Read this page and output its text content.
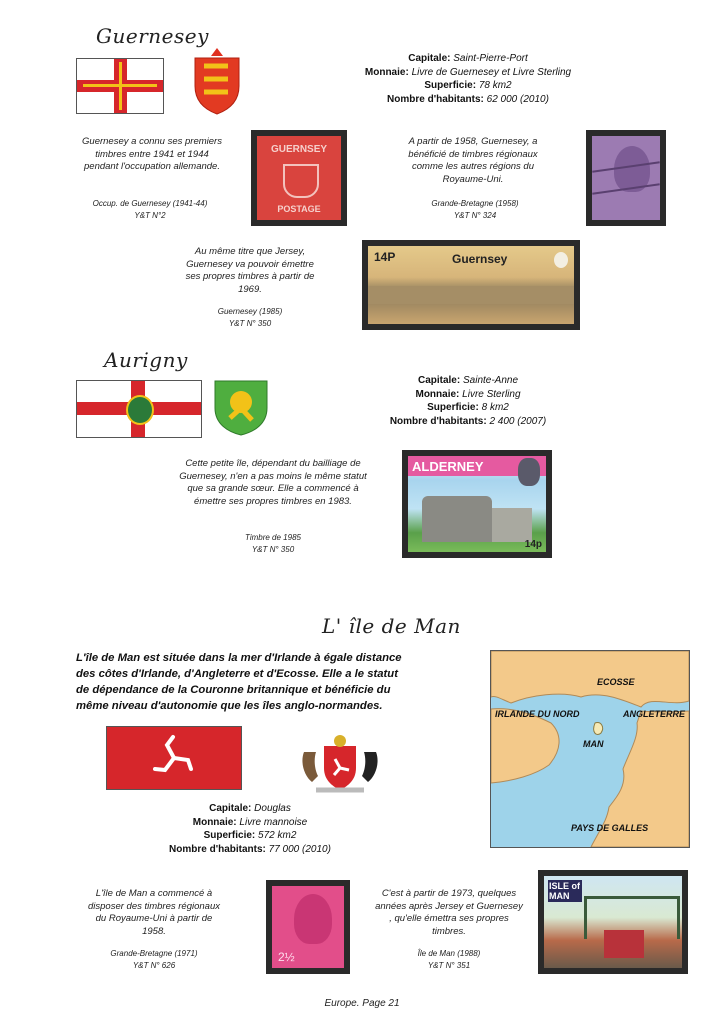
Guernesey
Capitale: Saint-Pierre-Port
Monnaie: Livre de Guernesey et Livre Sterling
Superficie: 78 km2
Nombre d'habitants: 62 000 (2010)
Guernesey a connu ses premiers timbres entre 1941 et 1944 pendant l'occupation allemande.
Occup. de Guernesey (1941-44)
Y&T N°2
GUERNSEY
POSTAGE
A partir de 1958, Guernesey, a bénéficié de timbres régionaux comme les autres régions du Royaume-Uni.
Grande-Bretagne (1958)
Y&T N° 324
Au même titre que Jersey, Guernesey va pouvoir émettre ses propres timbres à partir de 1969.
Guernesey (1985)
Y&T N° 350
14P	Guernsey
Aurigny
Capitale: Sainte-Anne
Monnaie: Livre Sterling
Superficie: 8 km2
Nombre d'habitants: 2 400 (2007)
Cette petite île, dépendant du bailliage de Guernesey, n'en a pas moins le même statut que sa grande sœur. Elle a commencé à émettre ses propres timbres en 1983.
Timbre de 1985
Y&T N° 350
ALDERNEY
14p
L' île de Man
L'île de Man est située dans la mer d'Irlande à égale distance des côtes d'Irlande, d'Angleterre et d'Ecosse. Elle a le statut de dépendance de la Couronne britannique et bénéficie du même niveau d'autonomie que les îles anglo-normandes.
Capitale: Douglas
Monnaie: Livre mannoise
Superficie: 572 km2
Nombre d'habitants: 77 000 (2010)
ECOSSE
IRLANDE DU NORD	ANGLETERRE
MAN
PAYS DE GALLES
L'île de Man a commencé à disposer des timbres régionaux du Royaume-Uni à partir de 1958.
Grande-Bretagne (1971)
Y&T N° 626
2½
C'est à partir de 1973, quelques années après Jersey et Guernesey , qu'elle émettra ses propres timbres.
Île de Man (1988)
Y&T N° 351
ISLE of MAN
Europe. Page 21
